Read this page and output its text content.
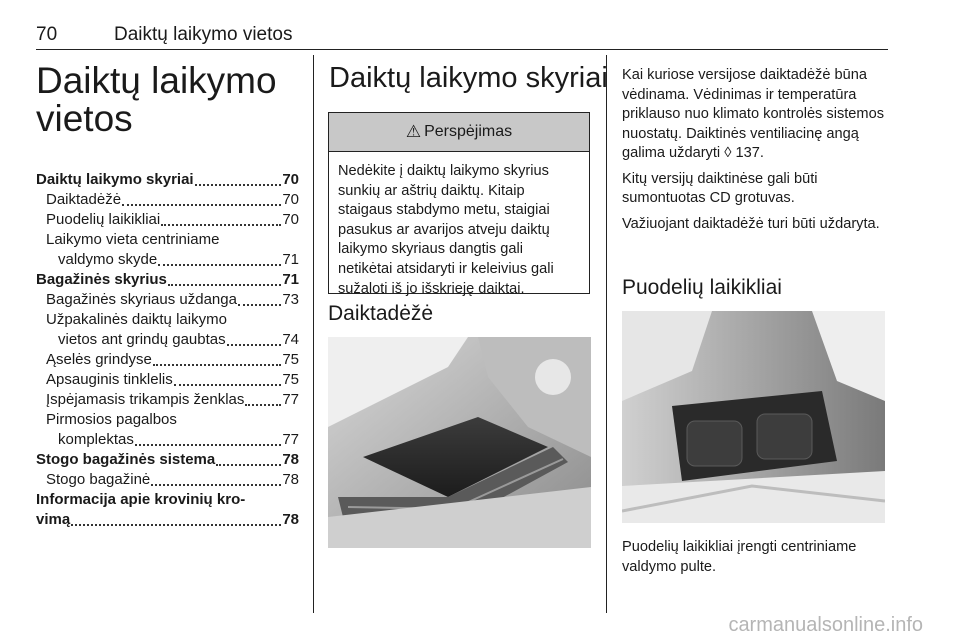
70	Daiktų laikymo vietos
Daiktų laikymo vietos
Daiktų laikymo skyriai	70
Daiktadėžė	70
Puodelių laikikliai	70
Laikymo vieta centriniame
valdymo skyde	71
Bagažinės skyrius	71
Bagažinės skyriaus uždanga	73
Užpakalinės daiktų laikymo
vietos ant grindų gaubtas	74
Ąselės grindyse	75
Apsauginis tinklelis	75
Įspėjamasis trikampis ženklas	77
Pirmosios pagalbos
komplektas	77
Stogo bagažinės sistema	78
Stogo bagažinė	78
Informacija apie krovinių kro-
vimą	78
Daiktų laikymo skyriai
⚠ Perspėjimas
Nedėkite į daiktų laikymo skyrius sunkių ar aštrių daiktų. Kitaip staigaus stabdymo metu, staigiai pasukus ar avarijos atveju daiktų laikymo skyriaus dangtis gali netikėtai atsidaryti ir keleivius gali sužaloti iš jo išskrieję daiktai.
Daiktadėžė

Kai kuriose versijose daiktadėžė būna vėdinama. Vėdinimas ir temperatūra priklauso nuo klimato kontrolės sistemos nuostatų. Daiktinės ventiliacinę angą galima uždaryti ◊ 137.

Kitų versijų daiktinėse gali būti sumontuotas CD grotuvas.

Važiuojant daiktadėžė turi būti uždaryta.

Puodelių laikikliai
Puodelių laikikliai įrengti centriniame valdymo pulte.
carmanualsonline.info
